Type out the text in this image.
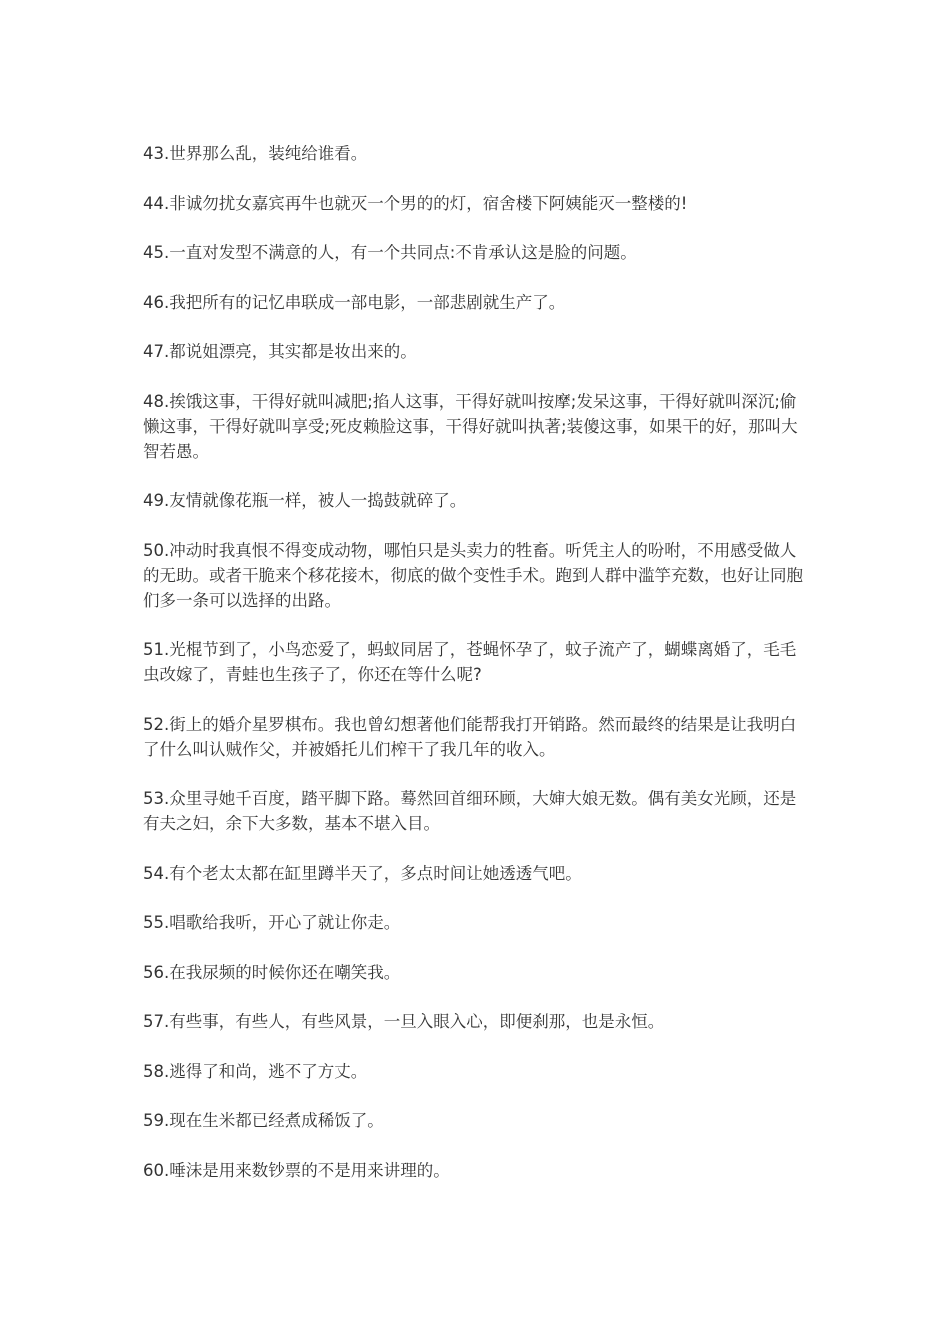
43.世界那么乱，装纯给谁看。

44.非诚勿扰女嘉宾再牛也就灭一个男的的灯，宿舍楼下阿姨能灭一整楼的!

45.一直对发型不满意的人，有一个共同点:不肯承认这是脸的问题。

46.我把所有的记忆串联成一部电影，一部悲剧就生产了。

47.都说姐漂亮，其实都是妆出来的。

48.挨饿这事，干得好就叫减肥;掐人这事，干得好就叫按摩;发呆这事，干得好就叫深沉;偷懒这事，干得好就叫享受;死皮赖脸这事，干得好就叫执著;装傻这事，如果干的好，那叫大智若愚。

49.友情就像花瓶一样，被人一捣鼓就碎了。

50.冲动时我真恨不得变成动物，哪怕只是头卖力的牲畜。听凭主人的吩咐，不用感受做人的无助。或者干脆来个移花接木，彻底的做个变性手术。跑到人群中滥竽充数，也好让同胞们多一条可以选择的出路。

51.光棍节到了，小鸟恋爱了，蚂蚁同居了，苍蝇怀孕了，蚊子流产了，蝴蝶离婚了，毛毛虫改嫁了，青蛙也生孩子了，你还在等什么呢?

52.街上的婚介星罗棋布。我也曾幻想著他们能帮我打开销路。然而最终的结果是让我明白了什么叫认贼作父，并被婚托儿们榨干了我几年的收入。

53.众里寻她千百度，踏平脚下路。蓦然回首细环顾，大婶大娘无数。偶有美女光顾，还是有夫之妇，余下大多数，基本不堪入目。

54.有个老太太都在缸里蹲半天了，多点时间让她透透气吧。

55.唱歌给我听，开心了就让你走。

56.在我尿频的时候你还在嘲笑我。

57.有些事，有些人，有些风景，一旦入眼入心，即便刹那，也是永恒。

58.逃得了和尚，逃不了方丈。

59.现在生米都已经煮成稀饭了。

60.唾沫是用来数钞票的不是用来讲理的。
